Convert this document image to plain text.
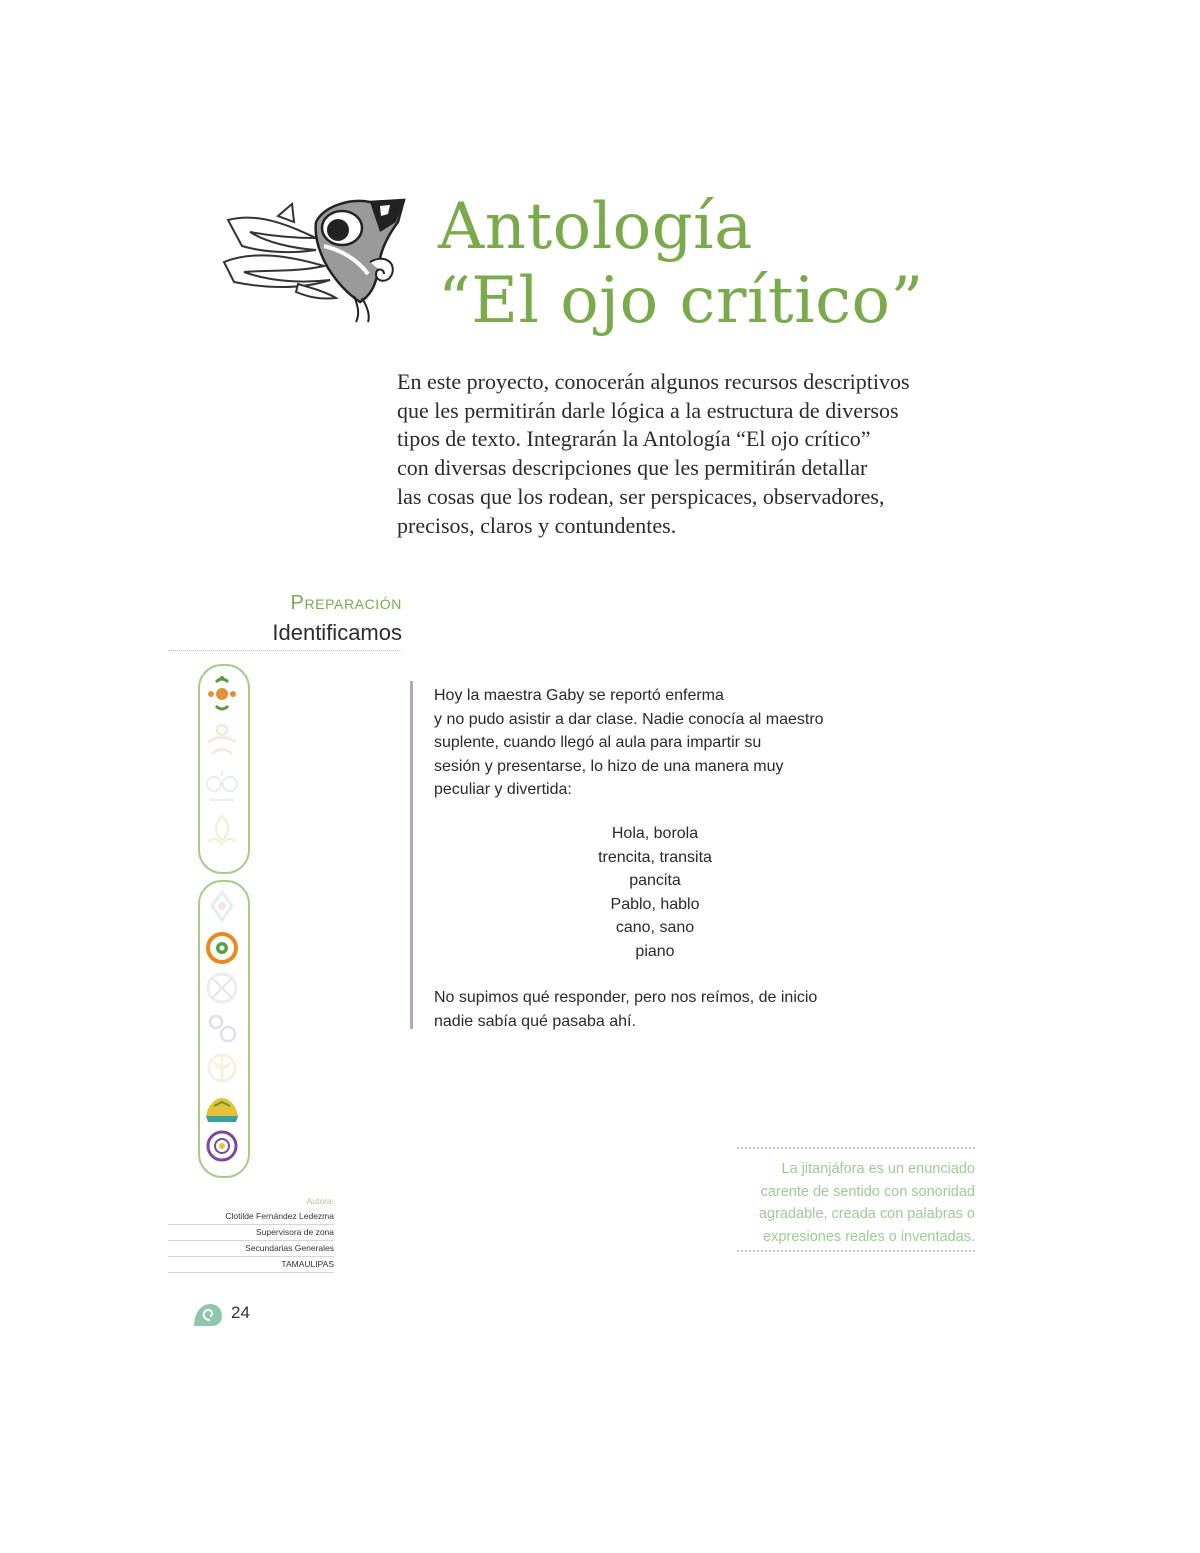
Antología
“El ojo crítico”

En este proyecto, conocerán algunos recursos descriptivos
que les permitirán darle lógica a la estructura de diversos
tipos de texto. Integrarán la Antología “El ojo crítico”
con diversas descripciones que les permitirán detallar
las cosas que los rodean, ser perspicaces, observadores,
precisos, claros y contundentes.

Preparación
Identificamos
Hoy la maestra Gaby se reportó enferma
y no pudo asistir a dar clase. Nadie conocía al maestro
suplente, cuando llegó al aula para impartir su
sesión y presentarse, lo hizo de una manera muy
peculiar y divertida:
Hola, borola
trencita, transita
pancita
Pablo, hablo
cano, sano
piano
No supimos qué responder, pero nos reímos, de inicio
nadie sabía qué pasaba ahí.
La jitanjáfora es un enunciado
carente de sentido con sonoridad
agradable, creada con palabras o
expresiones reales o inventadas.
Autora:
Clotilde Fernández Ledezma
Supervisora de zona
Secundarias Generales
TAMAULIPAS
24
